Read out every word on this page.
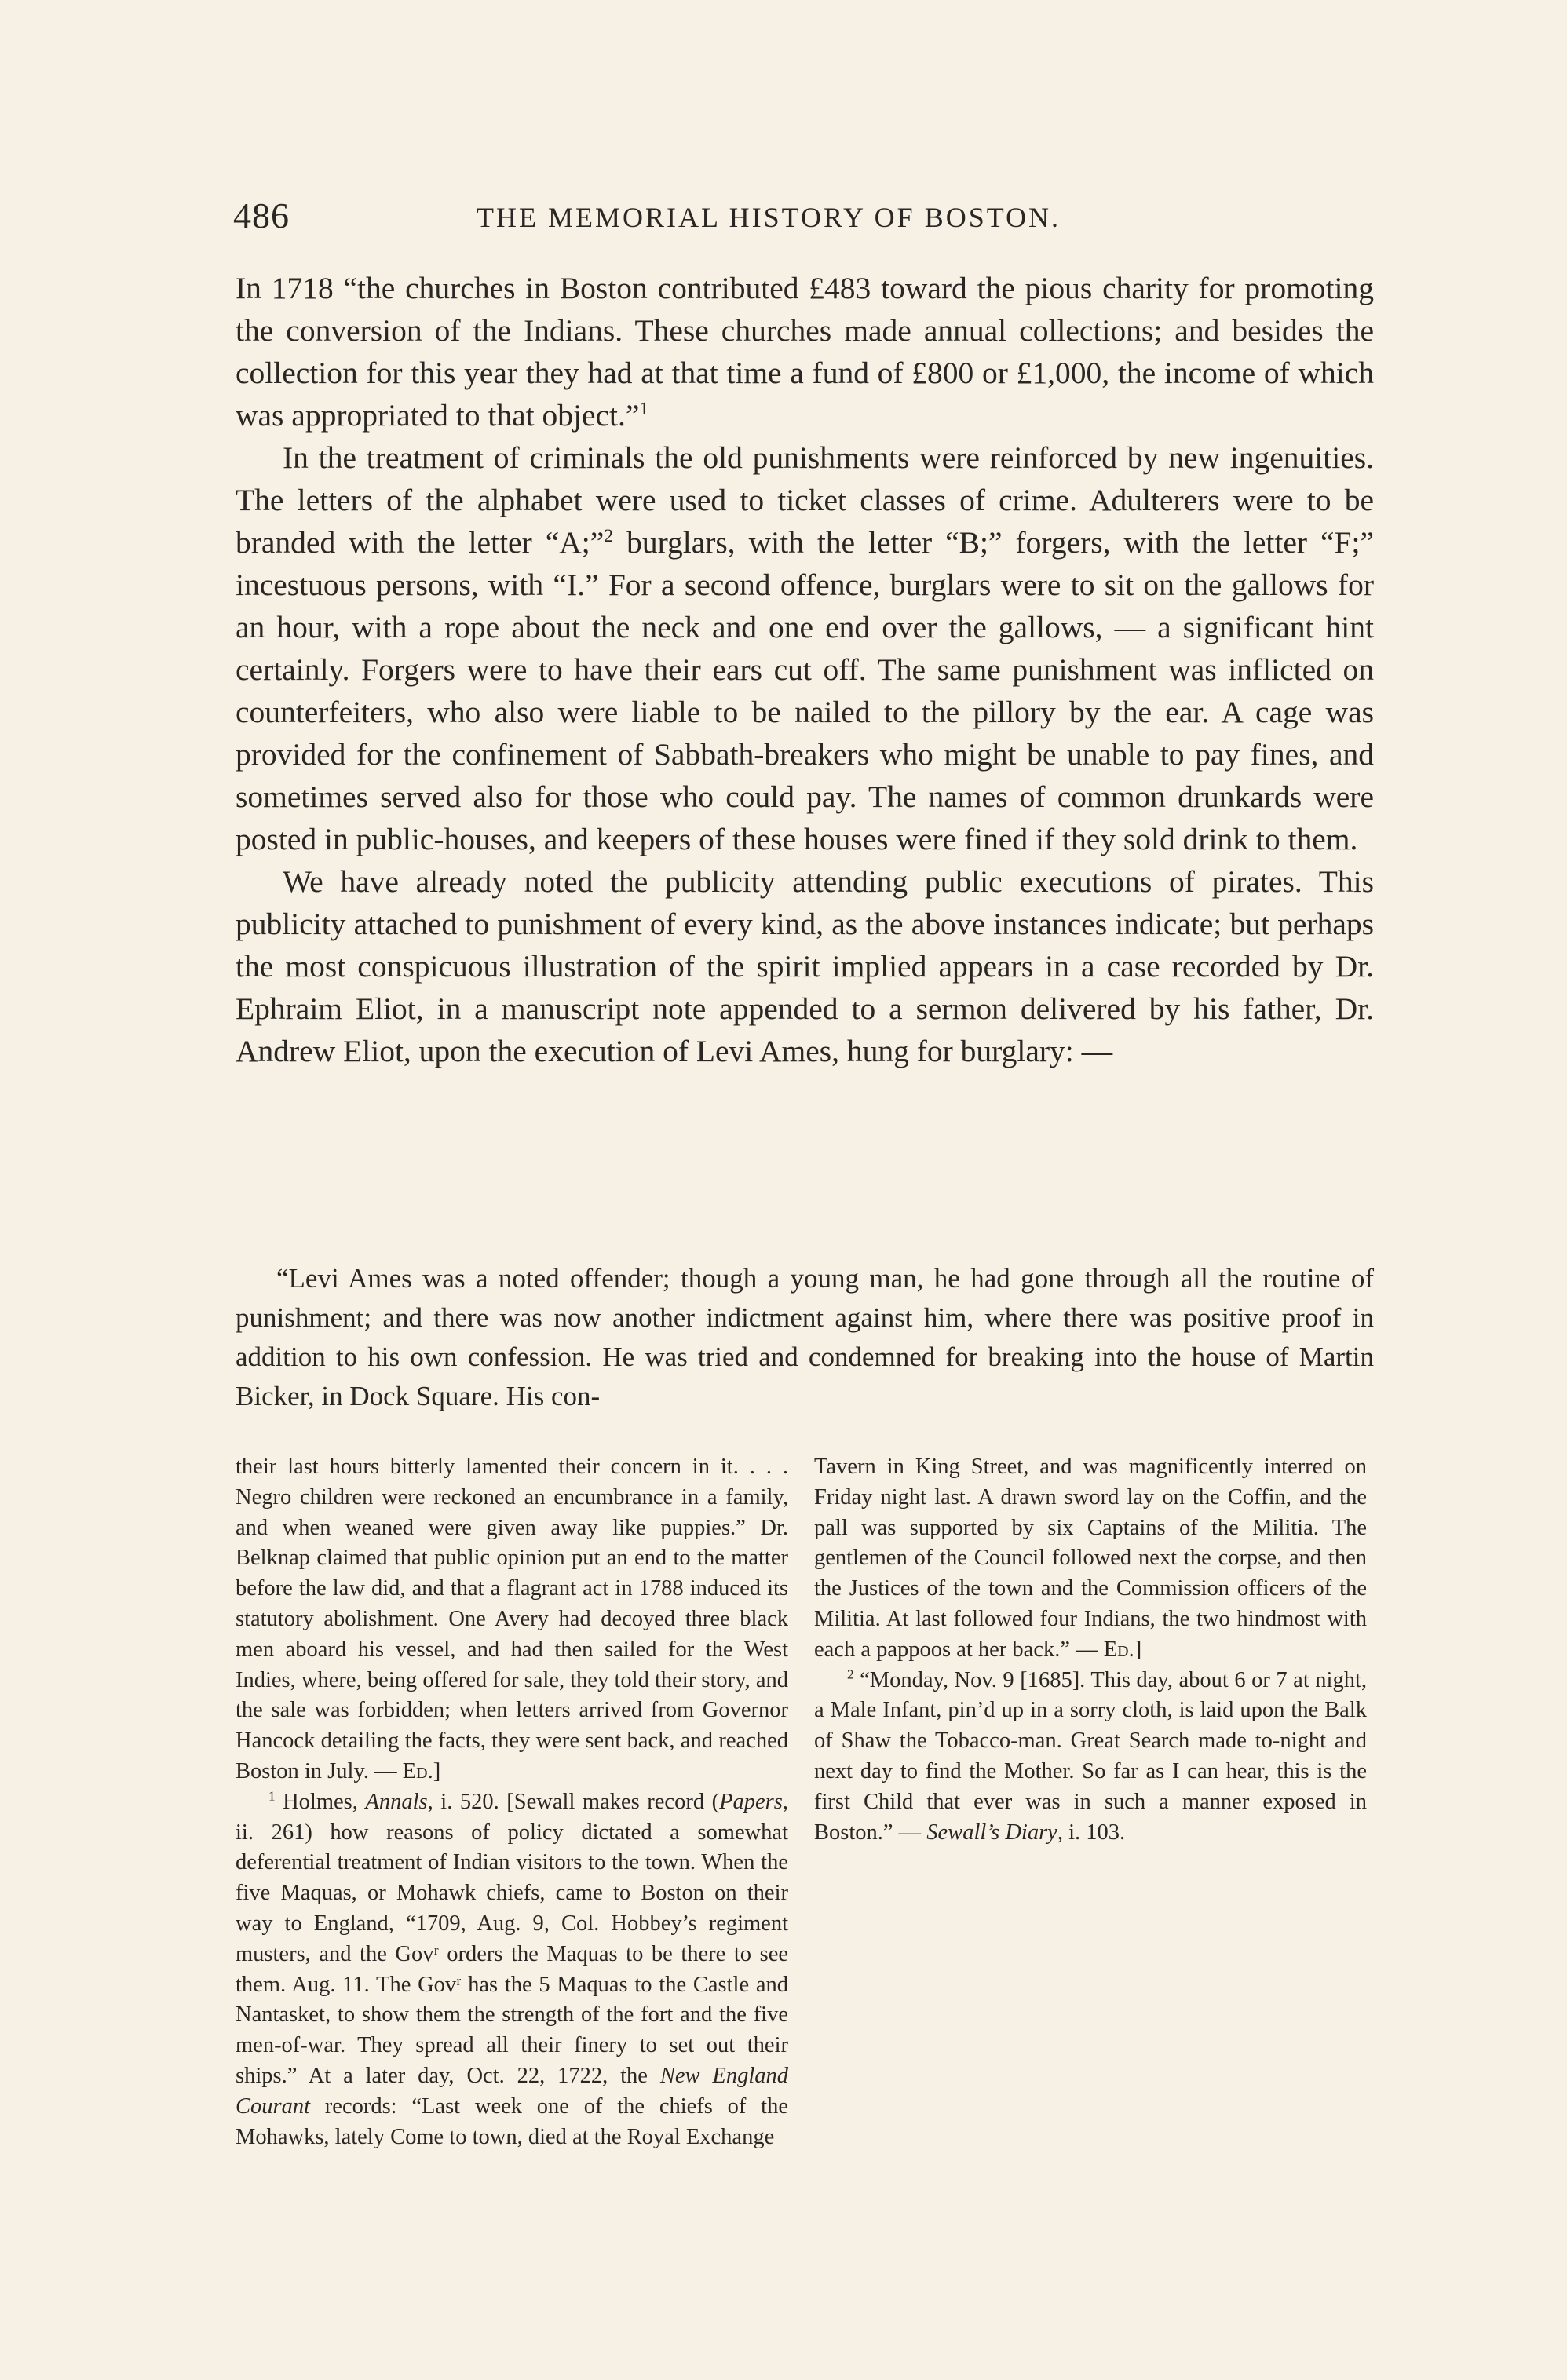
486	THE MEMORIAL HISTORY OF BOSTON.

In 1718 “the churches in Boston contributed £483 toward the pious charity for promoting the conversion of the Indians. These churches made annual collections; and besides the collection for this year they had at that time a fund of £800 or £1,000, the income of which was appropriated to that object.”$^1$

In the treatment of criminals the old punishments were reinforced by new ingenuities. The letters of the alphabet were used to ticket classes of crime. Adulterers were to be branded with the letter “A;”$^2$ burglars, with the letter “B;” forgers, with the letter “F;” incestuous persons, with “I.” For a second offence, burglars were to sit on the gallows for an hour, with a rope about the neck and one end over the gallows, — a significant hint certainly. Forgers were to have their ears cut off. The same punishment was inflicted on counterfeiters, who also were liable to be nailed to the pillory by the ear. A cage was provided for the confinement of Sabbath-breakers who might be unable to pay fines, and sometimes served also for those who could pay. The names of common drunkards were posted in public-houses, and keepers of these houses were fined if they sold drink to them.

We have already noted the publicity attending public executions of pirates. This publicity attached to punishment of every kind, as the above instances indicate; but perhaps the most conspicuous illustration of the spirit implied appears in a case recorded by Dr. Ephraim Eliot, in a manuscript note appended to a sermon delivered by his father, Dr. Andrew Eliot, upon the execution of Levi Ames, hung for burglary: —

“Levi Ames was a noted offender; though a young man, he had gone through all the routine of punishment; and there was now another indictment against him, where there was positive proof in addition to his own confession. He was tried and condemned for breaking into the house of Martin Bicker, in Dock Square. His con-

their last hours bitterly lamented their concern in it. . . . Negro children were reckoned an encumbrance in a family, and when weaned were given away like puppies.” Dr. Belknap claimed that public opinion put an end to the matter before the law did, and that a flagrant act in 1788 induced its statutory abolishment. One Avery had decoyed three black men aboard his vessel, and had then sailed for the West Indies, where, being offered for sale, they told their story, and the sale was forbidden; when letters arrived from Governor Hancock detailing the facts, they were sent back, and reached Boston in July. — Ed.]

$^1$ Holmes, Annals, i. 520. [Sewall makes record (Papers, ii. 261) how reasons of policy dictated a somewhat deferential treatment of Indian visitors to the town. When the five Maquas, or Mohawk chiefs, came to Boston on their way to England, “1709, Aug. 9, Col. Hobbey’s regiment musters, and the Govʳ orders the Maquas to be there to see them. Aug. 11. The Govʳ has the 5 Maquas to the Castle and Nantasket, to show them the strength of the fort and the five men-of-war. They spread all their finery to set out their ships.” At a later day, Oct. 22, 1722, the New England Courant records: “Last week one of the chiefs of the Mohawks, lately Come to town, died at the Royal Exchange

Tavern in King Street, and was magnificently interred on Friday night last. A drawn sword lay on the Coffin, and the pall was supported by six Captains of the Militia. The gentlemen of the Council followed next the corpse, and then the Justices of the town and the Commission officers of the Militia. At last followed four Indians, the two hindmost with each a pappoos at her back.” — Ed.]

$^2$ “Monday, Nov. 9 [1685]. This day, about 6 or 7 at night, a Male Infant, pin’d up in a sorry cloth, is laid upon the Balk of Shaw the Tobacco-man. Great Search made to-night and next day to find the Mother. So far as I can hear, this is the first Child that ever was in such a manner exposed in Boston.” — Sewall’s Diary, i. 103.
